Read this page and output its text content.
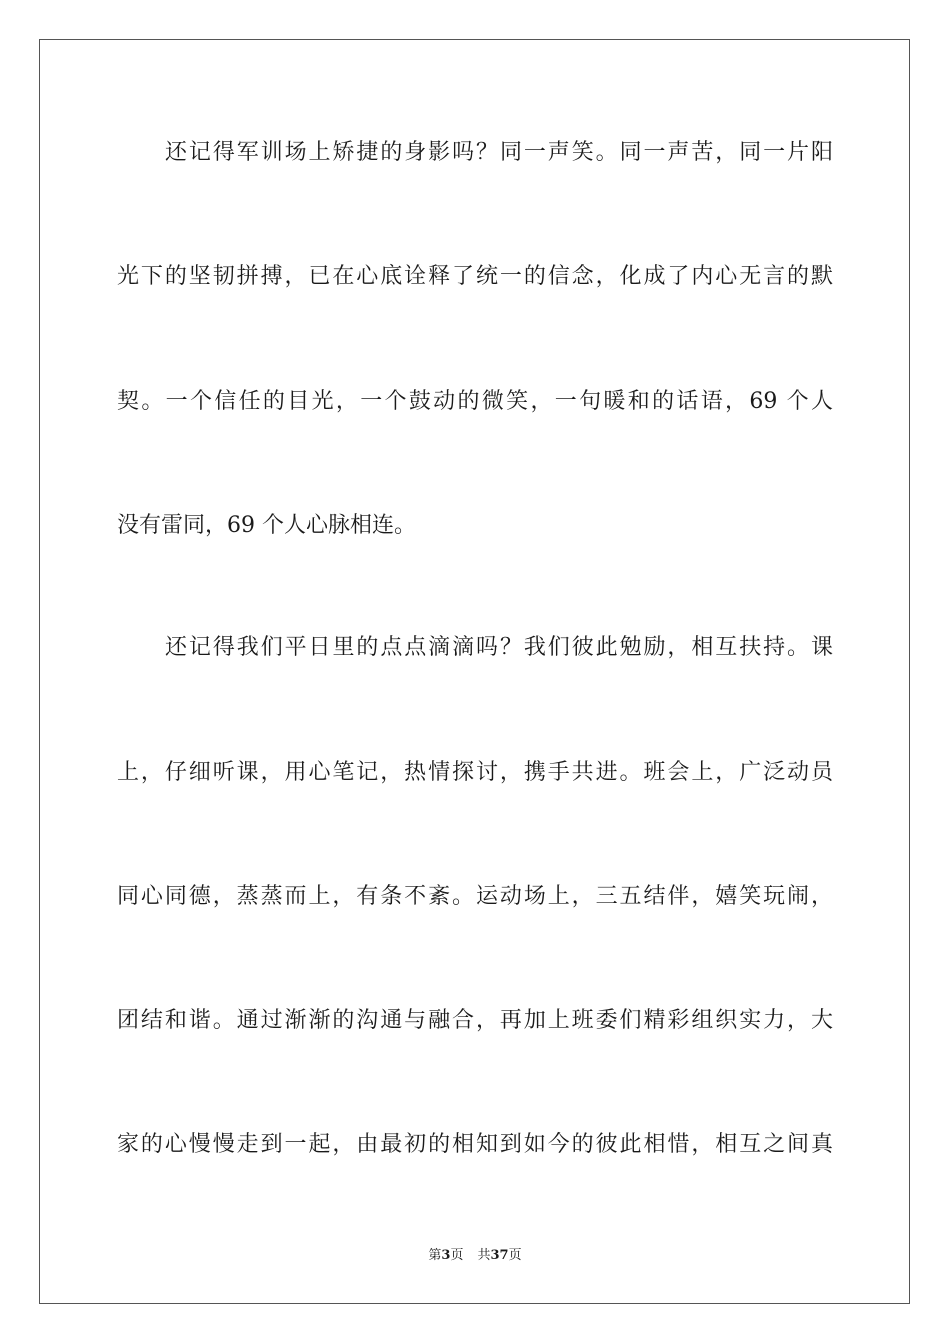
还记得军训场上矫捷的身影吗？同一声笑。同一声苦，同一片阳
光下的坚韧拼搏，已在心底诠释了统一的信念，化成了内心无言的默
契。一个信任的目光，一个鼓动的微笑，一句暖和的话语，69 个人
没有雷同，69 个人心脉相连。
还记得我们平日里的点点滴滴吗？我们彼此勉励，相互扶持。课
上，仔细听课，用心笔记，热情探讨，携手共进。班会上，广泛动员
同心同德，蒸蒸而上，有条不紊。运动场上，三五结伴，嬉笑玩闹，
团结和谐。通过渐渐的沟通与融合，再加上班委们精彩组织实力，大
家的心慢慢走到一起，由最初的相知到如今的彼此相惜，相互之间真
第3页 共37页
